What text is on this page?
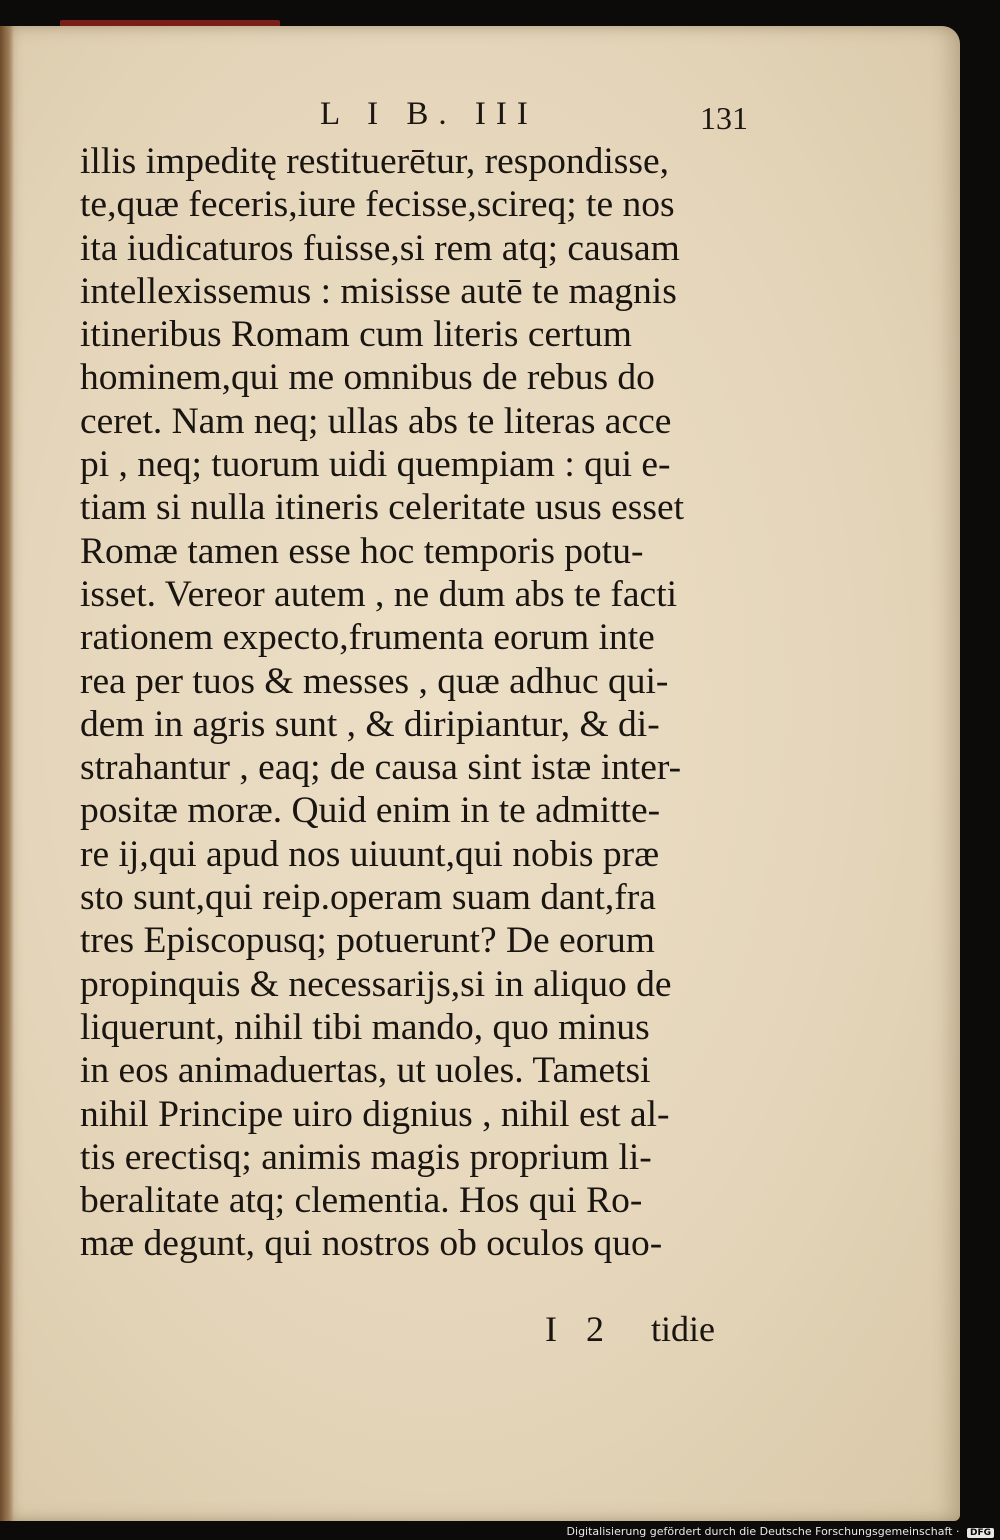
L I B. III	131
illis impeditę restituerētur, respondisse,
te,quæ feceris,iure fecisse,scireq; te nos
ita iudicaturos fuisse,si rem atq; causam
intellexissemus : misisse autē te magnis
itineribus Romam cum literis certum
hominem,qui me omnibus de rebus do
ceret. Nam neq; ullas abs te literas acce
pi , neq; tuorum uidi quempiam : qui e-
tiam si nulla itineris celeritate usus esset
Romæ tamen esse hoc temporis potu-
isset. Vereor autem , ne dum abs te facti
rationem expecto,frumenta eorum inte
rea per tuos & messes , quæ adhuc qui-
dem in agris sunt , & diripiantur, & di-
strahantur , eaq; de causa sint istæ inter-
positæ moræ. Quid enim in te admitte-
re ij,qui apud nos uiuunt,qui nobis præ
sto sunt,qui reip.operam suam dant,fra
tres Episcopusq; potuerunt? De eorum
propinquis & necessarijs,si in aliquo de
liquerunt, nihil tibi mando, quo minus
in eos animaduertas, ut uoles. Tametsi
nihil Principe uiro dignius , nihil est al-
tis erectisq; animis magis proprium li-
beralitate atq; clementia. Hos qui Ro-
mæ degunt, qui nostros ob oculos quo-
I 2 tidie
Digitalisierung gefördert durch die Deutsche Forschungsgemeinschaft · DFG
